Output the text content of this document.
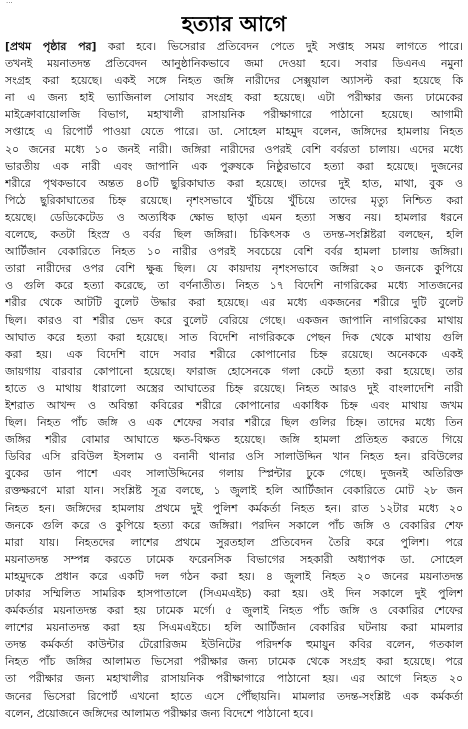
...
হত্যার আগে
[প্রথম পৃষ্ঠার পর] করা হবে। ভিসেরার প্রতিবেদন পেতে দুই সপ্তাহ সময় লাগতে পারে।
তখনই ময়নাতদন্ত প্রতিবেদন আনুষ্ঠানিকভাবে জমা দেওয়া হবে। সবার ডিএনএ নমুনা
সংগ্রহ করা হয়েছে। একই সঙ্গে নিহত জঙ্গি নারীদের সেক্সুয়াল অ্যাসল্ট করা হয়েছে কি
না এ জন্য হাই ভ্যাজিনাল সোয়াব সংগ্রহ করা হয়েছে। এটা পরীক্ষার জন্য ঢামেকের
মাইক্রোবায়োলজি বিভাগ, মহাখালী রাসায়নিক পরীক্ষাগারে পাঠানো হয়েছে। আগামী
সপ্তাহে এ রিপোর্ট পাওয়া যেতে পারে। ডা. সোহেল মাহমুদ বলেন, জঙ্গিদের হামলায় নিহত
২০ জনের মধ্যে ১০ জনই নারী। জঙ্গিরা নারীদের ওপরই বেশি বর্বরতা চালায়। এদের মধ্যে
ভারতীয় এক নারী এবং জাপানি এক পুরুষকে নিষ্ঠুরভাবে হত্যা করা হয়েছে। দুজনের
শরীরে পৃথকভাবে অন্তত ৪০টি ছুরিকাঘাত করা হয়েছে। তাদের দুই হাত, মাথা, বুক ও
পিঠে ছুরিকাঘাতের চিহ্ন রয়েছে। নৃশংসভাবে খুঁচিয়ে খুঁচিয়ে তাদের মৃত্যু নিশ্চিত করা
হয়েছে। ডেডিকেটেড ও অত্যধিক ক্ষোভ ছাড়া এমন হত্যা সম্ভব নয়। হামলার ধরনে
বলেছে, কতটা হিংস্র ও বর্বর ছিল জঙ্গিরা। চিকিৎসক ও তদন্ত-সংশ্লিষ্টরা বলছেন, হলি
আর্টিজান বেকারিতে নিহত ১০ নারীর ওপরই সবচেয়ে বেশি বর্বর হামলা চালায় জঙ্গিরা।
তারা নারীদের ওপর বেশি ক্ষুব্ধ ছিল। যে কায়দায় নৃশংসভাবে জঙ্গিরা ২০ জনকে কুপিয়ে
ও গুলি করে হত্যা করেছে, তা বর্ণনাতীত। নিহত ১৭ বিদেশি নাগরিকের মধ্যে সাতজনের
শরীর থেকে আটটি বুলেট উদ্ধার করা হয়েছে। এর মধ্যে একজনের শরীরে দুটি বুলেট
ছিল। কারও বা শরীর ভেদ করে বুলেট বেরিয়ে গেছে। একজন জাপানি নাগরিকের মাথায়
আঘাত করে হত্যা করা হয়েছে। সাত বিদেশি নাগরিককে পেছন দিক থেকে মাথায় গুলি
করা হয়। এক বিদেশি বাদে সবার শরীরে কোপানোর চিহ্ন রয়েছে। অনেককে একই
জায়গায় বারবার কোপানো হয়েছে। ফারাজ হোসেনকে গলা কেটে হত্যা করা হয়েছে। তার
হাতে ও মাথায় ধারালো অস্ত্রের আঘাতের চিহ্ন রয়েছে। নিহত আরও দুই বাংলাদেশি নারী
ইশরাত আখন্দ ও অবিন্তা কবিরের শরীরে কোপানোর একাধিক চিহ্ন এবং মাথায় জখম
ছিল। নিহত পাঁচ জঙ্গি ও এক শেফের সবার শরীরে ছিল গুলির চিহ্ন। তাদের মধ্যে তিন
জঙ্গির শরীর বোমার আঘাতে ক্ষত-বিক্ষত হয়েছে। জঙ্গি হামলা প্রতিহত করতে গিয়ে
ডিবির এসি রবিউল ইসলাম ও বনানী থানার ওসি সালাউদ্দিন খান নিহত হন। রবিউলের
বুকের ডান পাশে এবং সালাউদ্দিনের গলায় স্প্লিন্টার ঢুকে গেছে। দুজনই অতিরিক্ত
রক্তক্ষরণে মারা যান। সংশ্লিষ্ট সূত্র বলছে, ১ জুলাই হলি আর্টিজান বেকারিতে মোট ২৮ জন
নিহত হন। জঙ্গিদের হামলায় প্রথমে দুই পুলিশ কর্মকর্তা নিহত হন। রাত ১২টার মধ্যে ২০
জনকে গুলি করে ও কুপিয়ে হত্যা করে জঙ্গিরা। পরদিন সকালে পাঁচ জঙ্গি ও বেকারির শেফ
মারা যায়। নিহতদের লাশের প্রথমে সুরতহাল প্রতিবেদন তৈরি করে পুলিশ। পরে
ময়নাতদন্ত সম্পন্ন করতে ঢামেক ফরেনসিক বিভাগের সহকারী অধ্যাপক ডা. সোহেল
মাহমুদকে প্রধান করে একটি দল গঠন করা হয়। ৪ জুলাই নিহত ২০ জনের ময়নাতদন্ত
ঢাকার সম্মিলিত সামরিক হাসপাতালে (সিএমএইচ) করা হয়। ওই দিন সকালে দুই পুলিশ
কর্মকর্তার ময়নাতদন্ত করা হয় ঢামেক মর্গে। ৫ জুলাই নিহত পাঁচ জঙ্গি ও বেকারির শেফের
লাশের ময়নাতদন্ত করা হয় সিএমএইচে। হলি আর্টিজান বেকারির ঘটনায় করা মামলার
তদন্ত কর্মকর্তা কাউন্টার টেরোরিজম ইউনিটের পরিদর্শক হুমায়ুন কবির বলেন, গতকাল
নিহত পাঁচ জঙ্গির আলামত ভিসেরা পরীক্ষার জন্য ঢামেক থেকে সংগ্রহ করা হয়েছে। পরে
তা পরীক্ষার জন্য মহাখালীর রাসায়নিক পরীক্ষাগারে পাঠানো হয়। এর আগে নিহত ২০
জনের ভিসেরা রিপোর্ট এখনো হাতে এসে পৌঁছায়নি। মামলার তদন্ত-সংশ্লিষ্ট এক কর্মকর্তা
বলেন, প্রয়োজনে জঙ্গিদের আলামত পরীক্ষার জন্য বিদেশে পাঠানো হবে।
